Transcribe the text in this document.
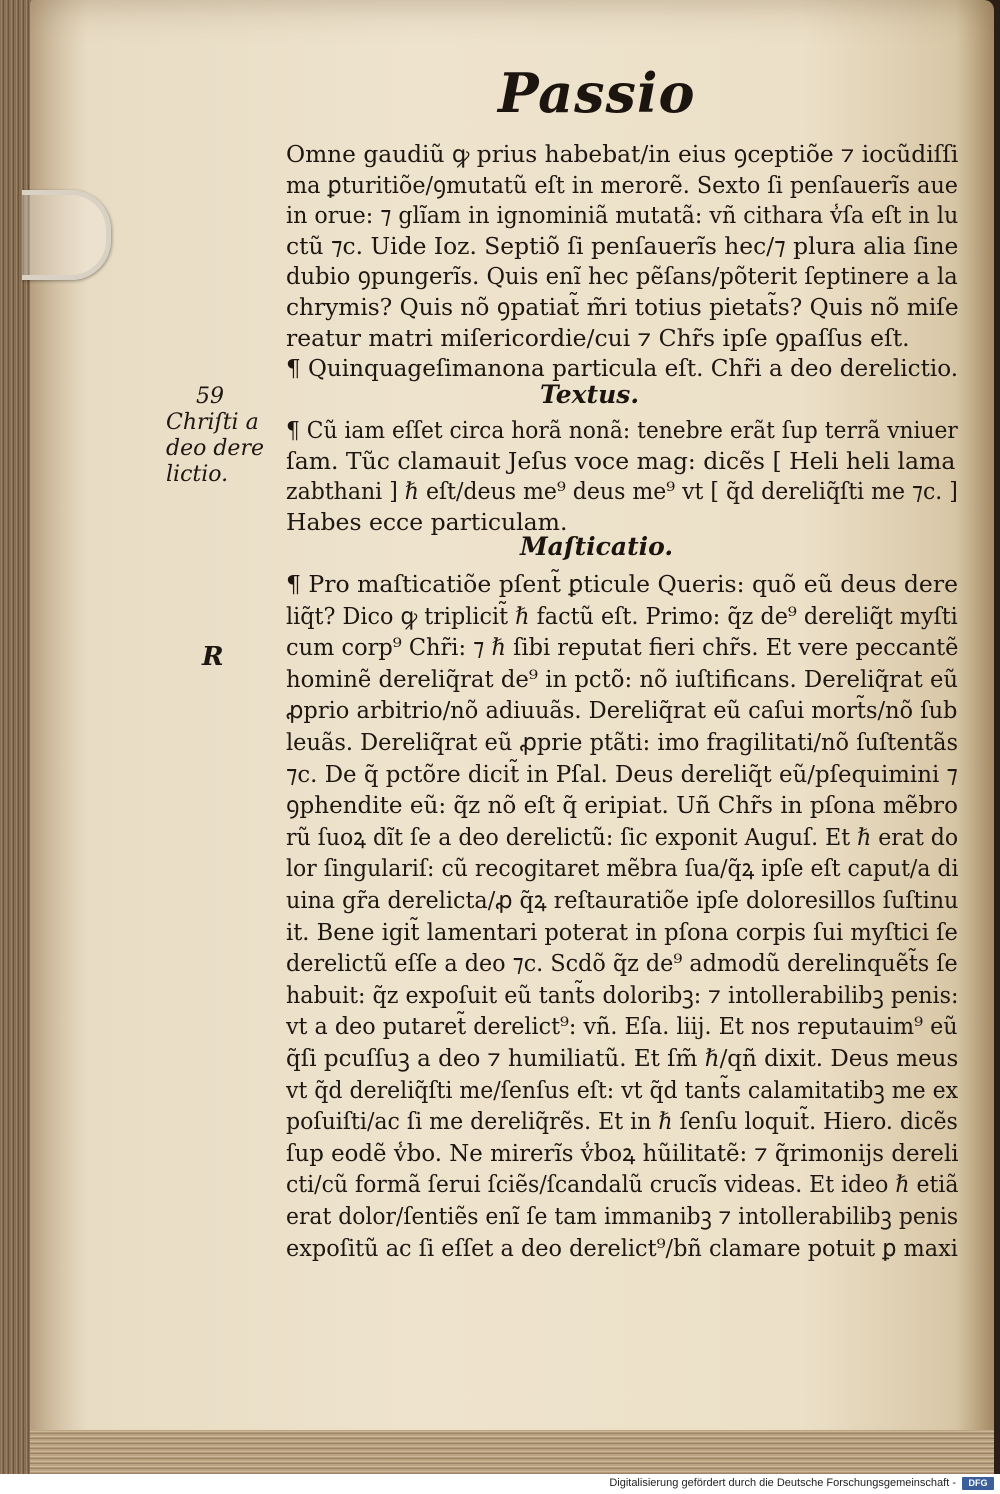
Passio
Omne gaudiũ ꝙ prius habebat/in eius ꝯceptiõe ⁊ iocũdiſſi
ma ꝑturitiõe/ꝯmutatũ eſt in merorẽ. Sexto ſi penſauerĩs aue
in orue: ⁊ glĩam in ignominiã mutatã: vñ cithara v̾ſa eſt in lu
ctũ ⁊c. Uide Ioz. Septiõ ſi penſauerĩs hec/⁊ plura alia ſine
dubio ꝯpungerĩs. Quis enĩ hec pẽſans/põterit ſeptinere a la
chrymis? Quis nõ ꝯpatiat̃ m̃ri totius pietat̃s? Quis nõ miſe
reatur matri miſericordie/cui ⁊ Chr̃s ipſe ꝯpaſſus eſt.
¶ Quinquageſimanona particula eſt. Chr̃i a deo derelictio.
¶ Cũ iam eſſet circa horã nonã: tenebre erãt ſup terrã vniuer
ſam. Tũc clamauit Jeſus voce mag: dicẽs [ Heli heli lama
zabthani ] ℏ eſt/deus me⁹ deus me⁹ vt [ q̃d dereliq̃ſti me ⁊c. ]
Habes ecce particulam.
¶ Pro maſticatiõe pſent̃ ꝑticule Queris: quõ eũ deus dere
liq̃t? Dico ꝙ triplicit̃ ℏ factũ eſt. Primo: q̃z de⁹ dereliq̃t myſti
cum corp⁹ Chr̃i: ⁊ ℏ ſibi reputat fieri chr̃s. Et vere peccantẽ
hominẽ dereliq̃rat de⁹ in pctõ: nõ iuſtificans. Dereliq̃rat eũ
ꝓprio arbitrio/nõ adiuuãs. Dereliq̃rat eũ caſui mort̃s/nõ ſub
leuãs. Dereliq̃rat eũ ꝓprie ptãti: imo fragilitati/nõ ſuſtentãs
⁊c. De q̃ pctõre dicit̃ in Pſal. Deus dereliq̃t eũ/pſequimini ⁊
ꝯphendite eũ: q̃z nõ eſt q̃ eripiat. Uñ Chr̃s in pſona mẽbro
rũ ſuoꝝ dĩt ſe a deo derelictũ: ſic exponit Auguſ. Et ℏ erat do
lor ſingulariſ: cũ recogitaret mẽbra ſua/q̃ꝝ ipſe eſt caput/a di
uina gr̃a derelicta/ꝓ q̃ꝝ reſtauratiõe ipſe doloresillos ſuſtinu
it. Bene igit̃ lamentari poterat in pſona corpis ſui myſtici ſe
derelictũ eſſe a deo ⁊c. Scdõ q̃z de⁹ admodũ derelinquẽt̃s ſe
habuit: q̃z expoſuit eũ tant̃s doloribꝫ: ⁊ intollerabilibꝫ penis:
vt a deo putaret̃ derelict⁹: vñ. Eſa. liij. Et nos reputauim⁹ eũ
q̃ſi pcuſſuꝫ a deo ⁊ humiliatũ. Et ſm̃ ℏ/qñ dixit. Deus meus
vt q̃d dereliq̃ſti me/ſenſus eſt: vt q̃d tant̃s calamitatibꝫ me ex
poſuiſti/ac ſi me dereliq̃rẽs. Et in ℏ ſenſu loquit̃. Hiero. dicẽs
ſup eodẽ v̾bo. Ne mirerĩs v̾boꝝ hũilitatẽ: ⁊ q̃rimonijs dereli
cti/cũ formã ſerui ſciẽs/ſcandalũ crucĩs videas. Et ideo ℏ etiã
erat dolor/ſentiẽs enĩ ſe tam immanibꝫ ⁊ intollerabilibꝫ penis
expoſitũ ac ſi eſſet a deo derelict⁹/bñ clamare potuit ꝑ maxi
Textus.
Maſticatio.
59
Chriſti a
deo dere
lictio.
R
Digitalisierung gefördert durch die Deutsche Forschungsgemeinschaft -	DFG
